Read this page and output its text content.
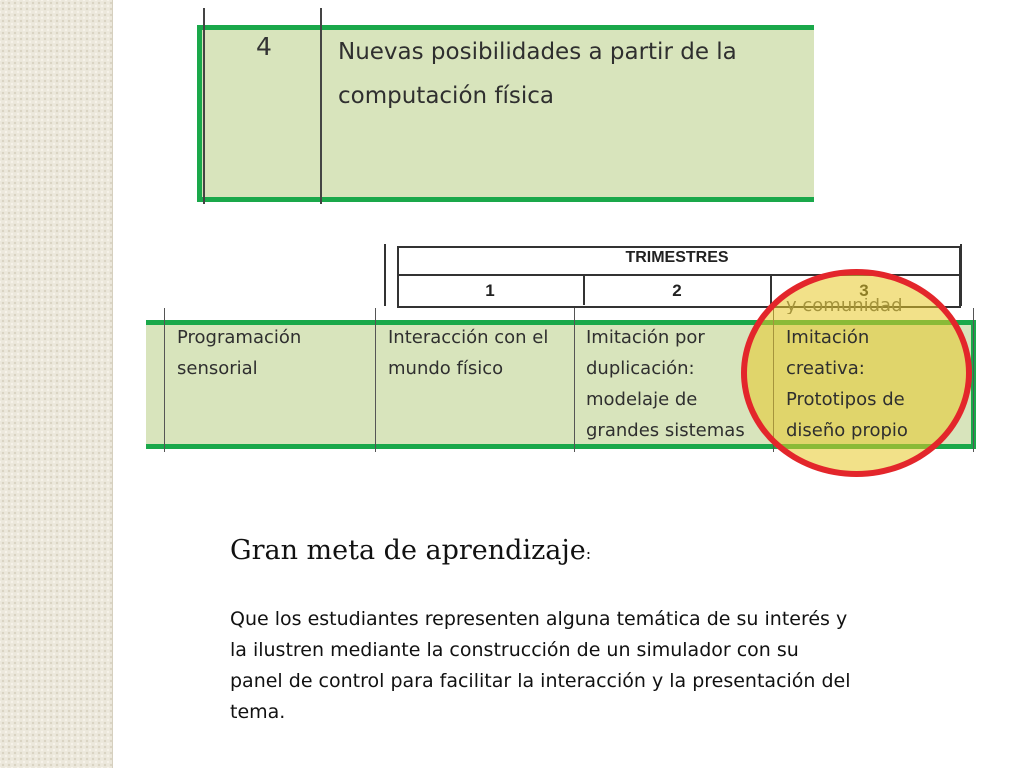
4	Nuevas posibilidades a partir de la
computación física
TRIMESTRES
1	2
Programación
sensorial
Interacción con el
mundo físico
Imitación por
duplicación:
modelaje de
grandes sistemas
Imitación
creativa:
Prototipos de
diseño propio
Gran meta de aprendizaje:
Que los estudiantes representen alguna temática de su interés y
la ilustren mediante la construcción de un simulador con su
panel de control para facilitar la interacción y la presentación del
tema.
